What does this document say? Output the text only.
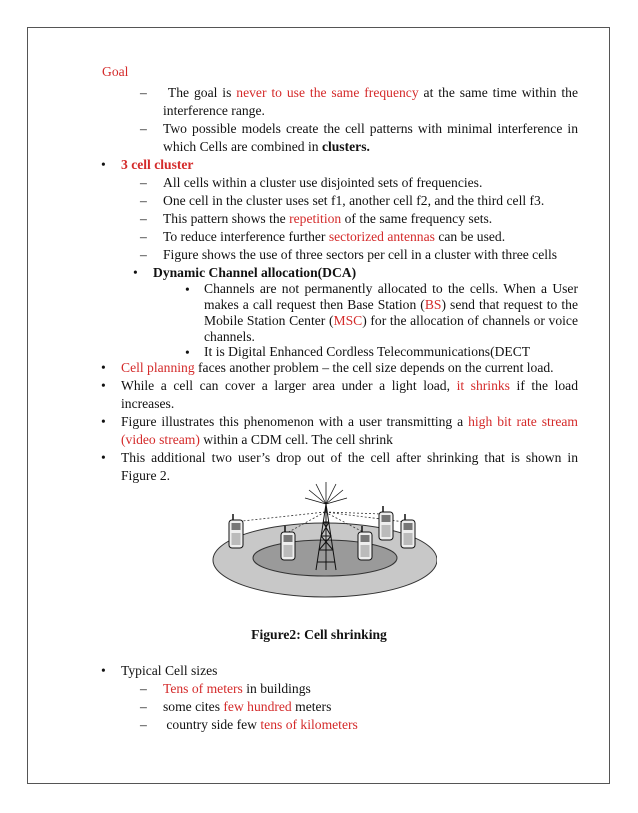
Goal
–	The goal is never to use the same frequency at the same time within the
interference range.
– Two possible models create the cell patterns with minimal interference in
which Cells are combined in clusters.
• 3 cell cluster
– All cells within a cluster use disjointed sets of frequencies.
– One cell in the cluster uses set f1, another cell f2, and the third cell f3.
– This pattern shows the repetition of the same frequency sets.
– To reduce interference further sectorized antennas can be used.
– Figure shows the use of three sectors per cell in a cluster with three cells
• Dynamic Channel allocation(DCA)
• Channels are not permanently allocated to the cells. When a User
makes a call request then Base Station (BS) send that request to the
Mobile Station Center (MSC) for the allocation of channels or voice
channels.
• It is Digital Enhanced Cordless Telecommunications(DECT
• Cell planning faces another problem – the cell size depends on the current load.
• While a cell can cover a larger area under a light load, it shrinks if the load
increases.
• Figure illustrates this phenomenon with a user transmitting a high bit rate stream
(video stream) within a CDM cell. The cell shrink
• This additional two user’s drop out of the cell after shrinking that is shown in
Figure 2.
Figure2: Cell shrinking
• Typical Cell sizes
– Tens of meters in buildings
– some cites few hundred meters
– country side few tens of kilometers
